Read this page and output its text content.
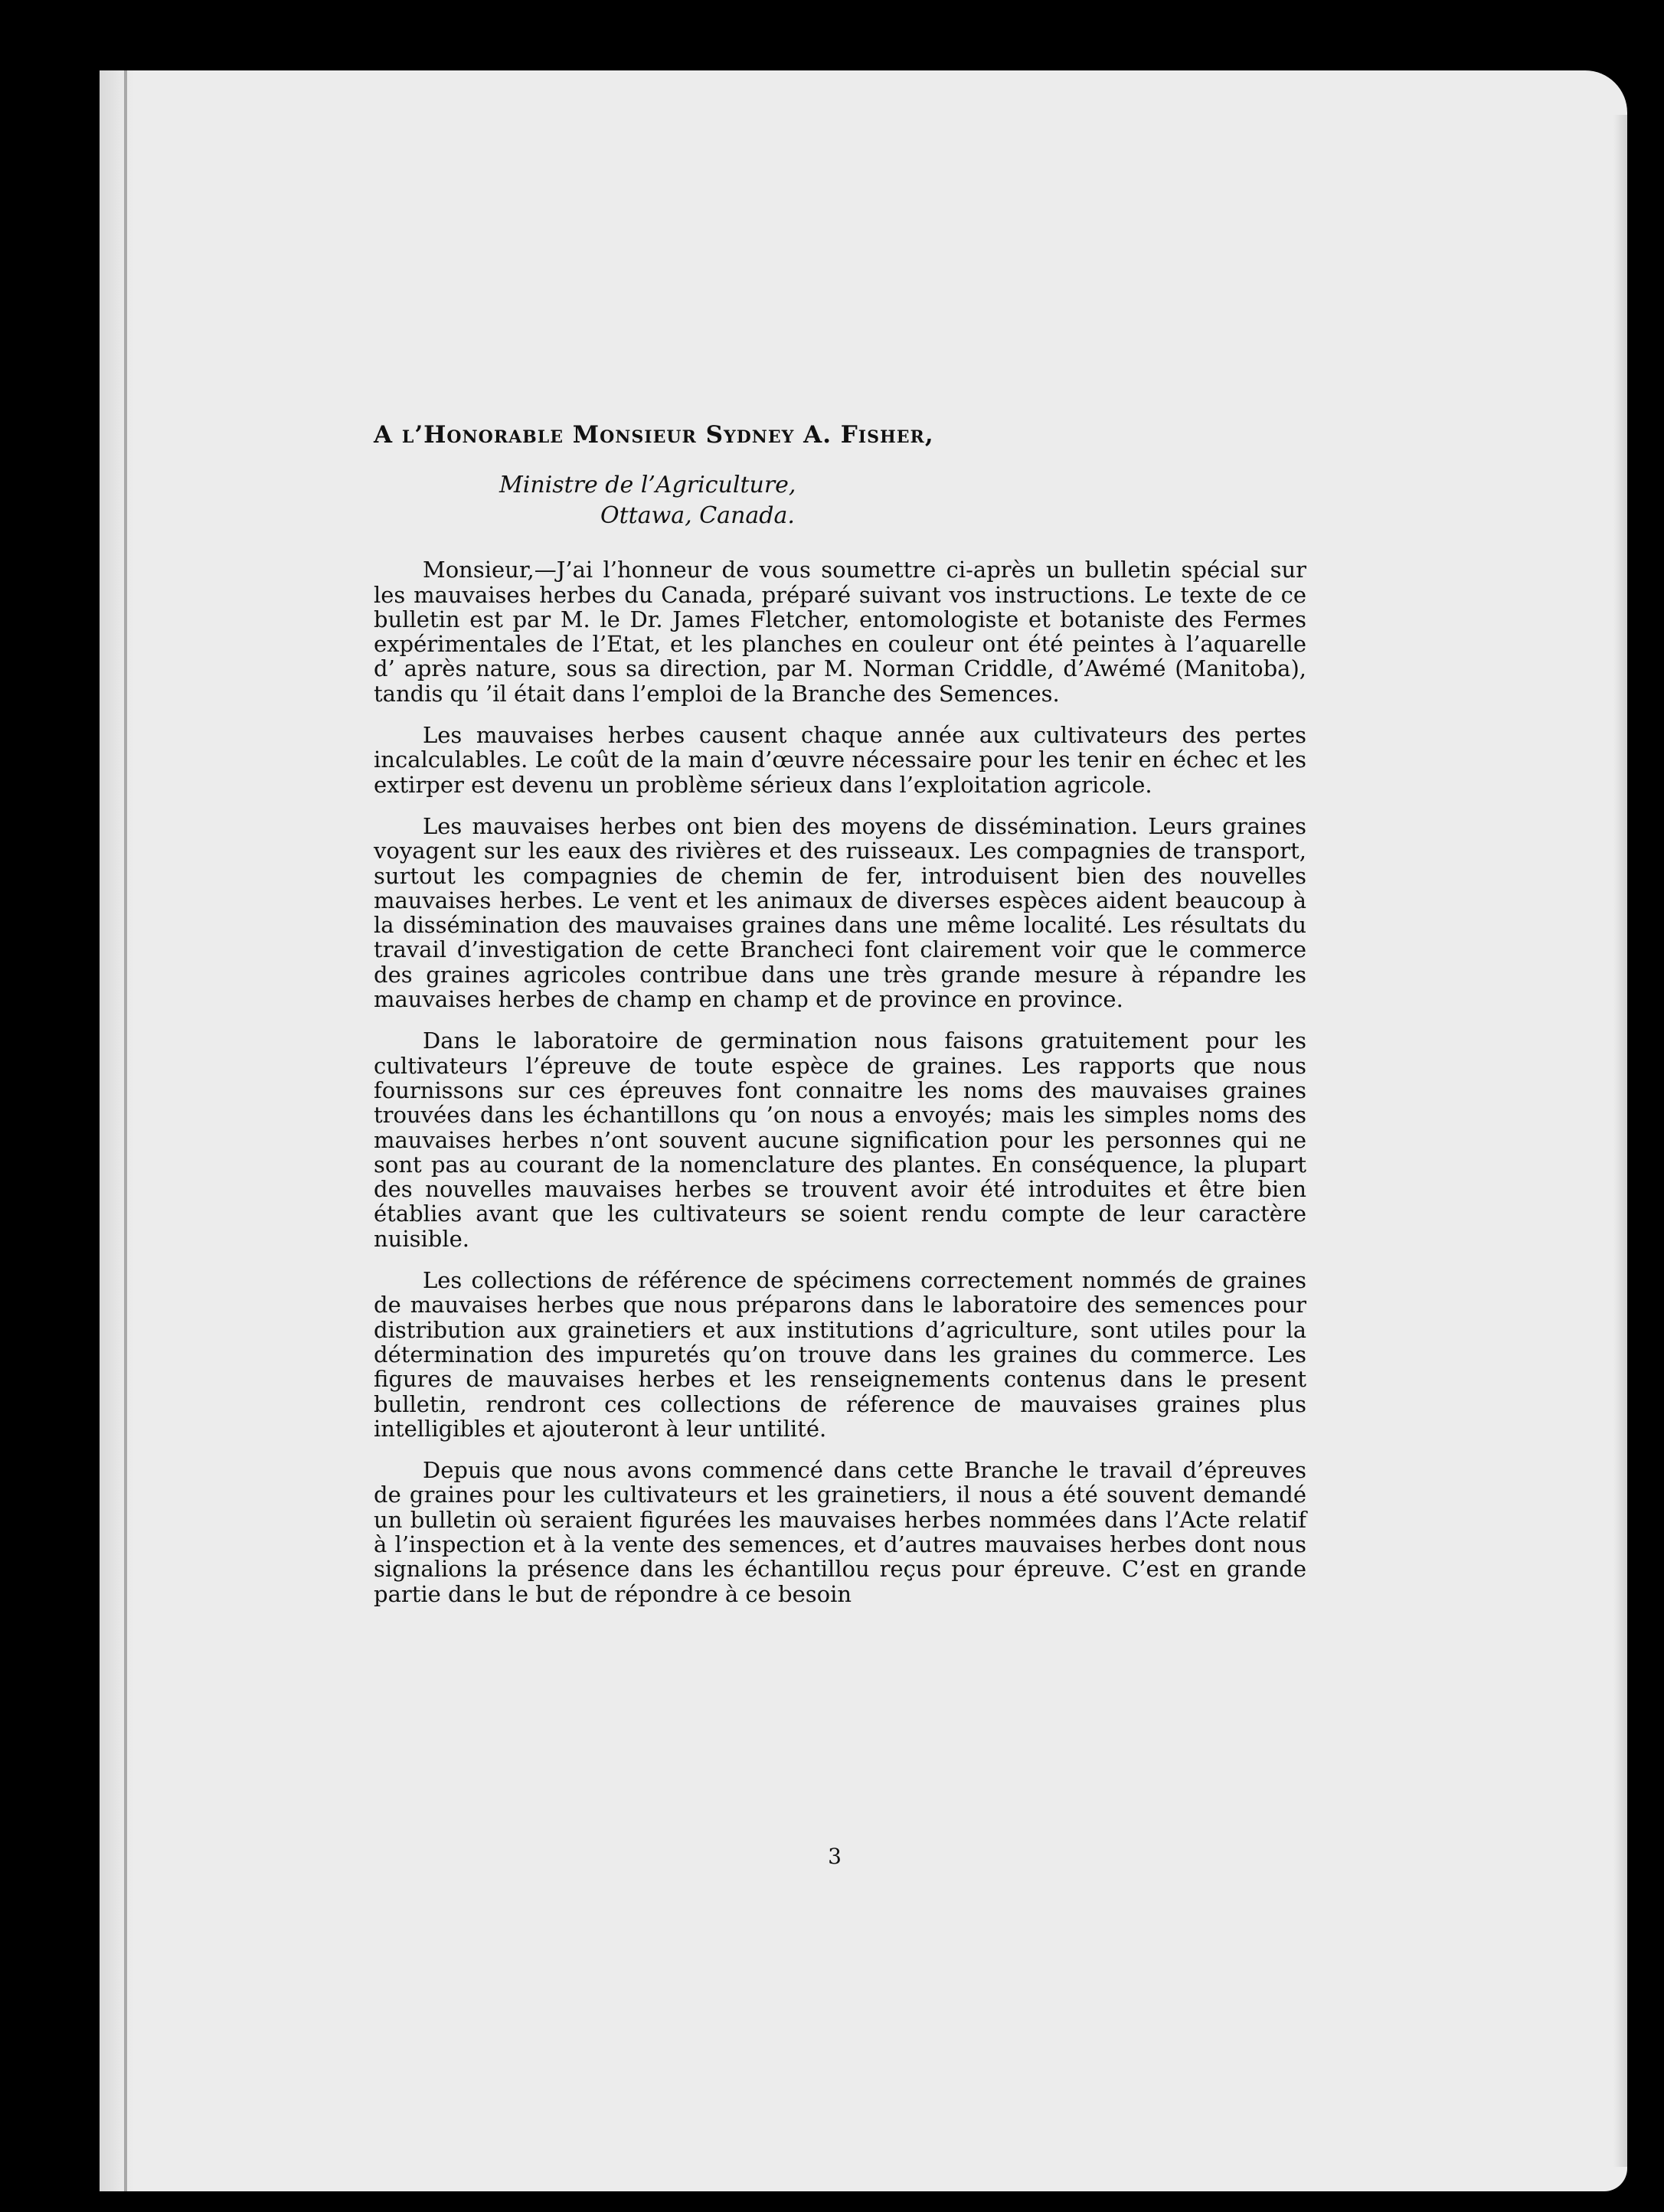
A l’Honorable Monsieur Sydney A. Fisher,

Ministre de l’Agriculture,

Ottawa, Canada.

Monsieur,—J’ai l’honneur de vous soumettre ci-après un bulletin spécial sur les mauvaises herbes du Canada, préparé suivant vos instructions. Le texte de ce bulletin est par M. le Dr. James Fletcher, entomologiste et botaniste des Fermes expérimentales de l’Etat, et les planches en couleur ont été peintes à l’aquarelle d’ après nature, sous sa direction, par M. Norman Criddle, d’Awémé (Manitoba), tandis qu ’il était dans l’emploi de la Branche des Semences.

Les mauvaises herbes causent chaque année aux cultivateurs des pertes incalculables. Le coût de la main d’œuvre nécessaire pour les tenir en échec et les extirper est devenu un problème sérieux dans l’exploitation agricole.

Les mauvaises herbes ont bien des moyens de dissémination. Leurs graines voyagent sur les eaux des rivières et des ruisseaux. Les compagnies de transport, surtout les compagnies de chemin de fer, introduisent bien des nouvelles mauvaises herbes. Le vent et les animaux de diverses espèces aident beaucoup à la dissémination des mauvaises graines dans une même localité. Les résultats du travail d’investigation de cette Brancheci font clairement voir que le commerce des graines agricoles contribue dans une très grande mesure à répandre les mauvaises herbes de champ en champ et de province en province.

Dans le laboratoire de germination nous faisons gratuitement pour les cultivateurs l’épreuve de toute espèce de graines. Les rapports que nous fournissons sur ces épreuves font connaitre les noms des mauvaises graines trouvées dans les échantillons qu ’on nous a envoyés; mais les simples noms des mauvaises herbes n’ont souvent aucune signification pour les personnes qui ne sont pas au courant de la nomenclature des plantes. En conséquence, la plupart des nouvelles mauvaises herbes se trouvent avoir été introduites et être bien établies avant que les cultivateurs se soient rendu compte de leur caractère nuisible.

Les collections de référence de spécimens correctement nommés de graines de mauvaises herbes que nous préparons dans le laboratoire des semences pour distribution aux grainetiers et aux institutions d’agriculture, sont utiles pour la détermination des impuretés qu’on trouve dans les graines du commerce. Les figures de mauvaises herbes et les renseignements contenus dans le present bulletin, rendront ces collections de réference de mauvaises graines plus intelligibles et ajouteront à leur untilité.

Depuis que nous avons commencé dans cette Branche le travail d’épreuves de graines pour les cultivateurs et les grainetiers, il nous a été souvent demandé un bulletin où seraient figurées les mauvaises herbes nommées dans l’Acte relatif à l’inspection et à la vente des semences, et d’autres mauvaises herbes dont nous signalions la présence dans les échantillou reçus pour épreuve. C’est en grande partie dans le but de répondre à ce besoin

3
